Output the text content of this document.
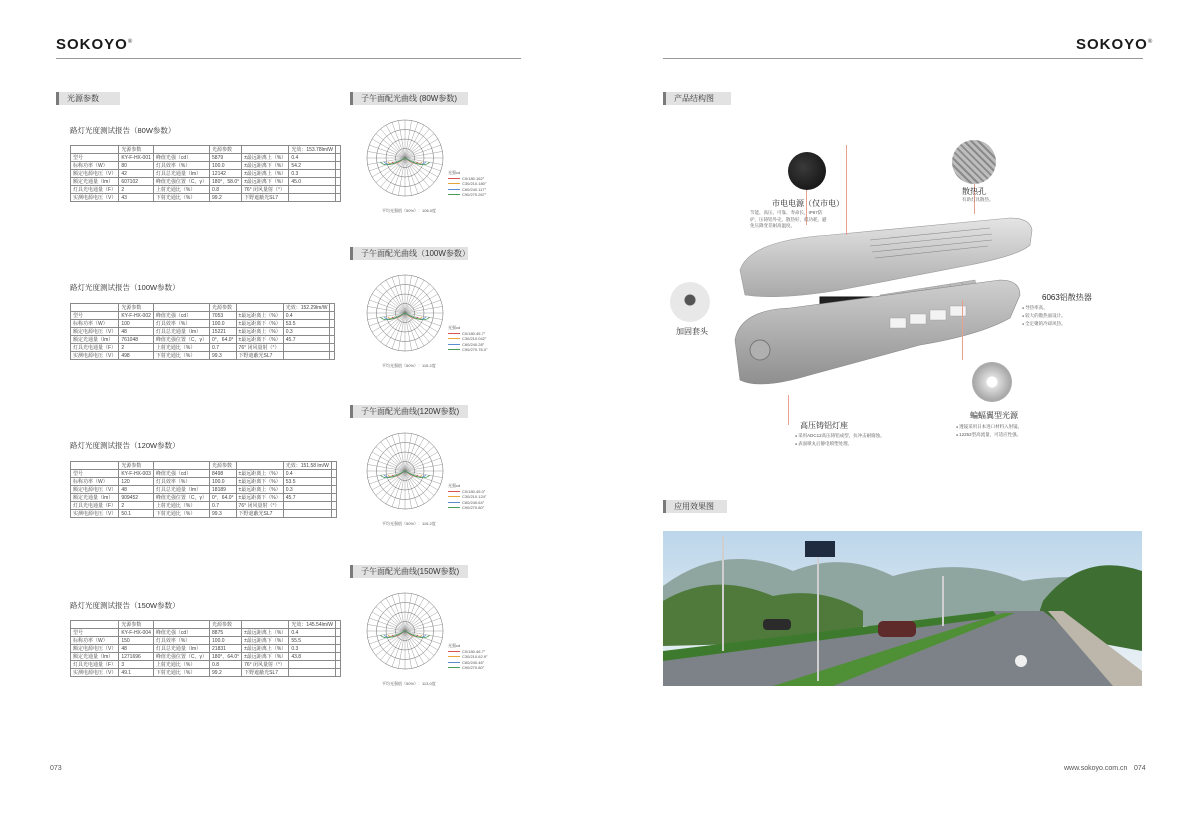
SOKOYO®
光源参数
路灯光度测试报告（80W参数）
	光源参数		光源参数		光效：153.78lm/W	
型号	KY-F-HX-001	峰值光强（cd）	5879	±最远距离上（%）	0.4	
标称功率（W）	80	灯具效率（%）	100.0	±最远距离下（%）	54.2	
额定电源电压（V）	42	灯具总光通量（lm）	12142	±最远距离上（%）	0.3	
额定光通量（lm）	607102	峰值光强位置（C，γ）	180°，58.0°	±最远距离下（%）	45.0	
灯具光电通量（F）	2	上射光通比（%）	0.8	76° 闭风量射（°）		
实测电源电压（V）	43	下射光通比（%）	99.2	下野遮蔽光SL7		
子午面配光曲线 (80W参数)
光强cd
C0/180.162°
C30/210.180°
C60/240.117°
C90/270.267°
平均光强值（50%）：106.0度
路灯光度测试报告（100W参数）
	光源参数		光源参数		光效：152.29lm/W	
型号	KY-F-HX-002	峰值光强（cd）	7053	±最远距离上（%）	0.4	
标称功率（W）	100	灯具效率（%）	100.0	±最远距离下（%）	53.5	
额定电源电压（V）	48	灯具总光通量（lm）	15221	±最远距离上（%）	0.3	
额定光通量（lm）	761048	峰值光强位置（C，γ）	0°，64.0°	±最远距离下（%）	45.7	
灯具光电通量（F）	2	上射光通比（%）	0.7	76° 闭风量射（°）		
实测电源电压（V）	498	下射光通比（%）	99.3	下野遮蔽光SL7		
子午面配光曲线（100W参数）
光强cd
C0/180.45.7°
C30/210.042°
C60/240.28°
C90/270.76.0°
平均光强值（50%）：115.2度
路灯光度测试报告（120W参数）
	光源参数		光源参数		光效：151.58 lm/W	
型号	KY-F-HX-003	峰值光强（cd）	8498	±最远距离上（%）	0.4	
标称功率（W）	120	灯具效率（%）	100.0	±最远距离下（%）	53.5	
额定电源电压（V）	48	灯具总光通量（lm）	18189	±最远距离上（%）	0.3	
额定光通量（lm）	909452	峰值光强位置（C，γ）	0°，64.0°	±最远距离下（%）	45.7	
灯具光电通量（F）	2	上射光通比（%）	0.7	76° 闭风量射（°）		
实测电源电压（V）	50.1	下射光通比（%）	99.3	下野遮蔽光SL7		
子午面配光曲线(120W参数)
光强cd
C0/180.45.0°
C30/210.124°
C60/240.64°
C90/270.80°
平均光强值（50%）：115.2度
路灯光度测试报告（150W参数）
	光源参数		光源参数		光效：145.54lm/W	
型号	KY-F-HX-004	峰值光强（cd）	8875	±最远距离上（%）	0.4	
标称功率（W）	150	灯具效率（%）	100.0	±最远距离下（%）	55.5	
额定电源电压（V）	48	灯具总光通量（lm）	21831	±最远距离上（%）	0.3	
额定光通量（lm）	1271696	峰值光强位置（C，γ）	180°，64.0°	±最远距离下（%）	43.8	
灯具光电通量（F）	3	上射光通比（%）	0.8	76° 闭风量射（°）		
实测电源电压（V）	49.1	下射光通比（%）	99.2	下野遮蔽光SL7		
子午面配光曲线(150W参数)
光强cd
C0/180.46.7°
C30/210.62.9°
C60/240.46°
C90/270.80°
平均光强值（50%）：113.0度
073
SOKOYO®
产品结构图
市电电源（仅市电）
节能、高压、可靠、寿命长，IP67防护，压铸铝外壳，散热好，低功耗，避免压降变差耐高温度。
散热孔
有助灯具散热。
6063铝散热器
● 导热率高。
● 较大的散热面设计。
● 全定聚的冷却风热。
加固套头
高压铸铝灯座
● 采用ADC12高压铸铝成型，抗冲击耐腐蚀。
● 表面喷丸后静电喷塑处理。
蝙蝠翼型光源
● 透镜采用日本进口材料入射镜。
● 12252型高流量，可适应性强。
应用效果图
www.sokoyo.com.cn 074
